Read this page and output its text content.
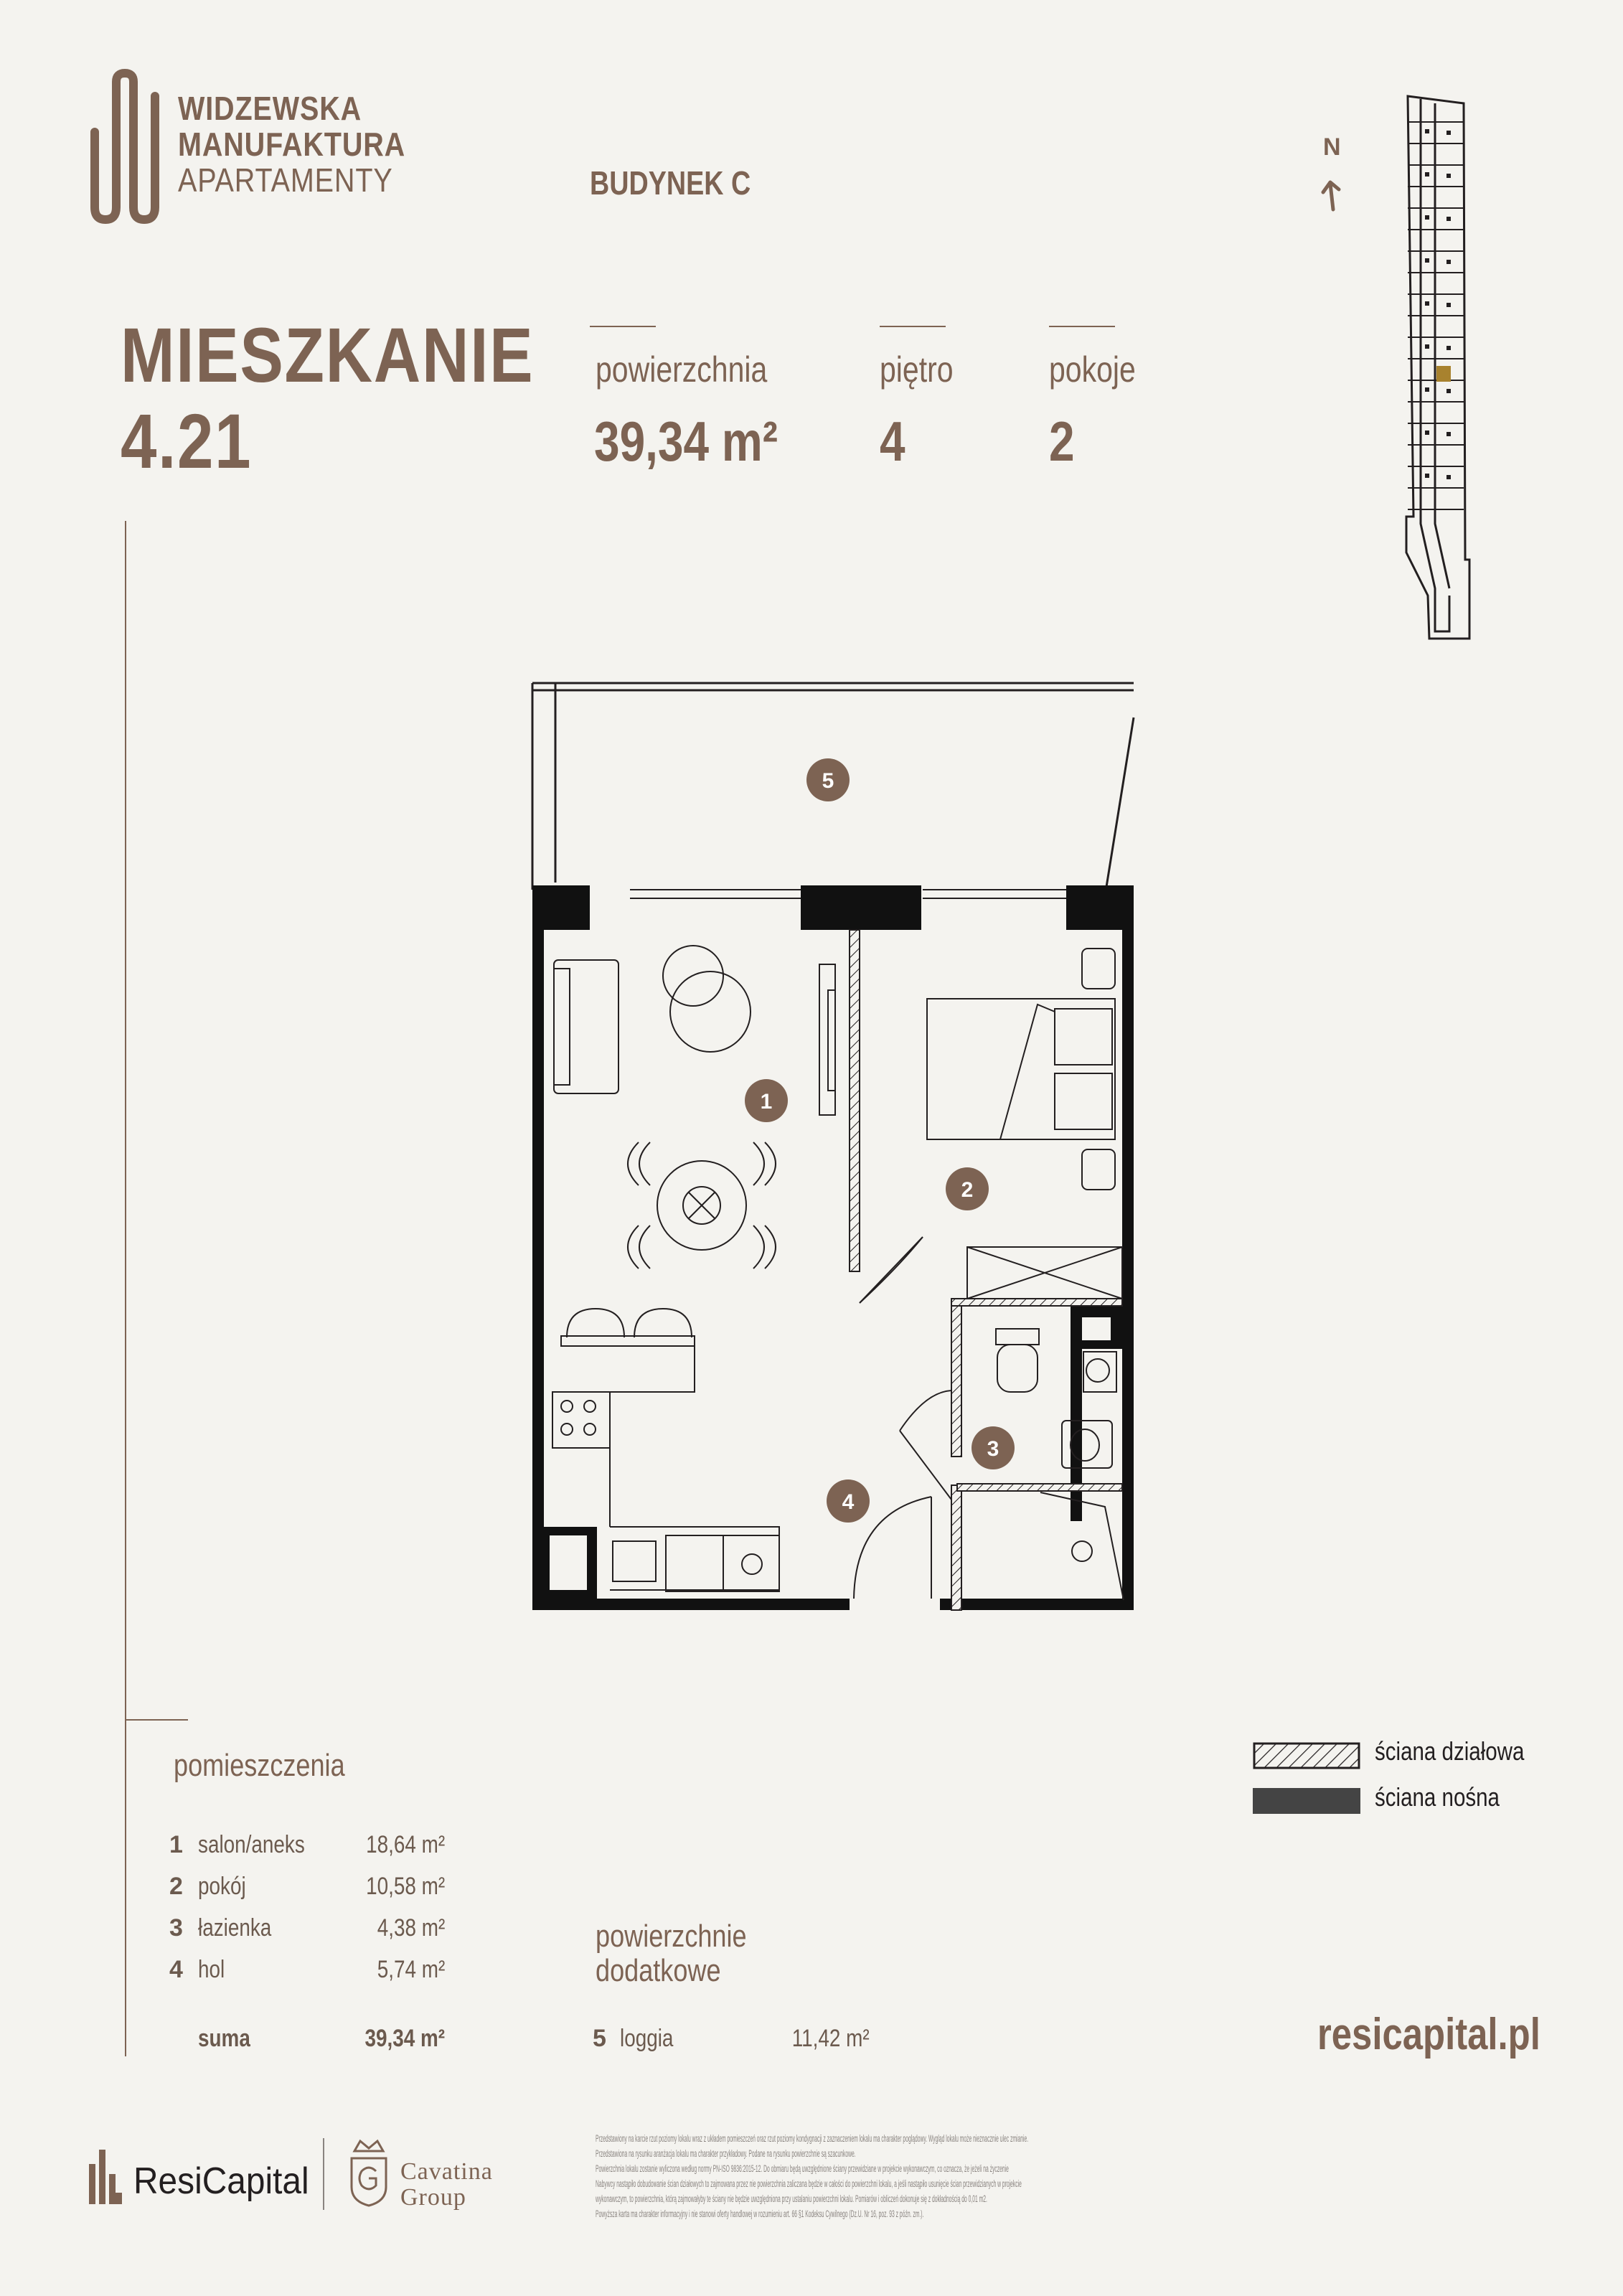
WIDZEWSKA
MANUFAKTURA
APARTAMENTY	BUDYNEK C
N
MIESZKANIE
4.21
powierzchnia
39,34 m²
piętro
4
pokoje
2
5
1
2
3
4
pomieszczenia
1 salon/aneks	18,64 m²
2 pokój	10,58 m²
3 łazienka	4,38 m²
4 hol	5,74 m²
suma	39,34 m²
powierzchnie
dodatkowe
5 loggia	11,42 m²
ściana działowa
ściana nośna
resicapital.pl
ResiCapital	Cavatina
Group
Przedstawiony na karcie rzut poziomy lokalu wraz z układem pomieszczeń oraz rzut poziomy kondygnacji z zaznaczeniem lokalu ma charakter poglądowy. Wygląd lokalu może nieznacznie ulec zmianie.
Przedstawiona na rysunku aranżacja lokalu ma charakter przykładowy. Podane na rysunku powierzchnie są szacunkowe.
Powierzchnia lokalu zostanie wyliczona według normy PN-ISO 9836:2015-12. Do obmiaru będą uwzględnione ściany przewidziane w projekcie wykonawczym, co oznacza, że jeżeli na życzenie
Nabywcy nastąpiło dobudowanie ścian działowych to zajmowana przez nie powierzchnia zaliczana będzie w całości do powierzchni lokalu, a jeśli nastąpiło usunięcie ścian przewidzianych w projekcie
wykonawczym, to powierzchnia, którą zajmowałyby te ściany nie będzie uwzględniona przy ustalaniu powierzchni lokalu. Pomiarów i obliczeń dokonuje się z dokładnością do 0,01 m2.
Powyższa karta ma charakter informacyjny i nie stanowi oferty handlowej w rozumieniu art. 66 §1 Kodeksu Cywilnego (Dz.U. Nr 16, poz. 93 z późn. zm.).
